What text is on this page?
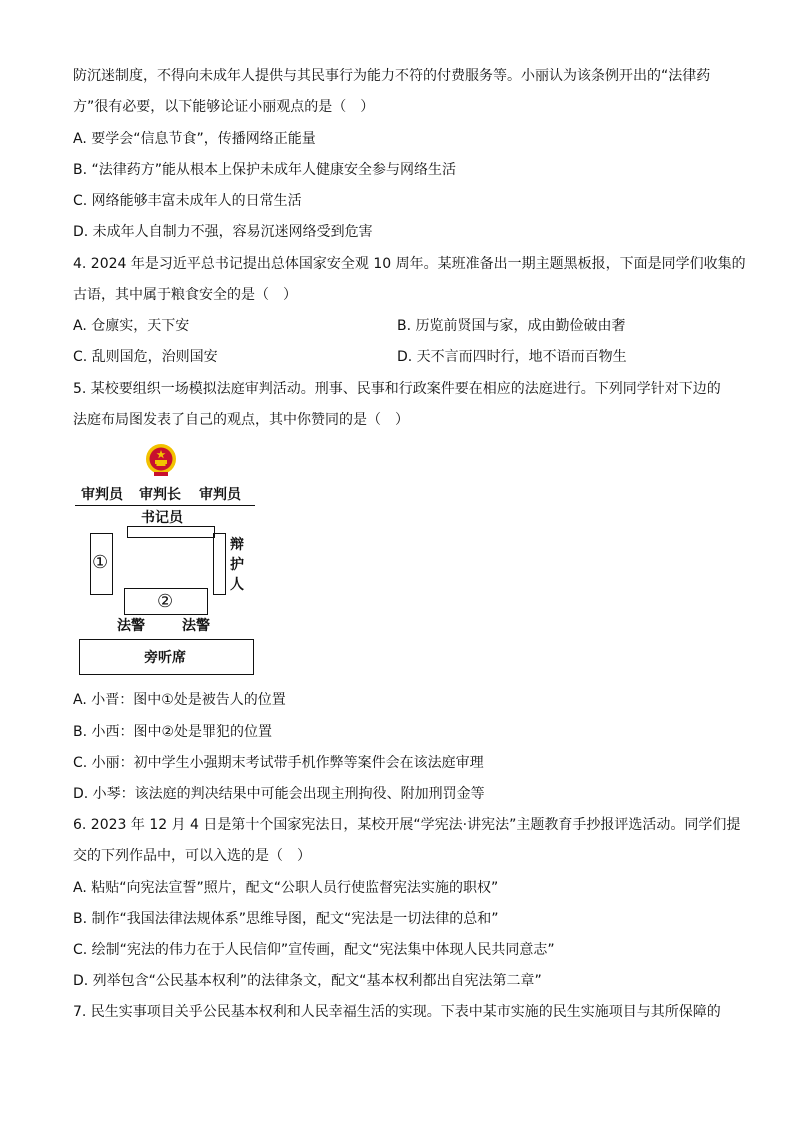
防沉迷制度，不得向未成年人提供与其民事行为能力不符的付费服务等。小丽认为该条例开出的“法律药
方”很有必要，以下能够论证小丽观点的是（　）
A. 要学会“信息节食”，传播网络正能量
B. “法律药方”能从根本上保护未成年人健康安全参与网络生活
C. 网络能够丰富未成年人的日常生活
D. 未成年人自制力不强，容易沉迷网络受到危害
4. 2024 年是习近平总书记提出总体国家安全观 10 周年。某班准备出一期主题黑板报，下面是同学们收集的
古语，其中属于粮食安全的是（　）
A. 仓廪实，天下安	B. 历览前贤国与家，成由勤俭破由奢
C. 乱则国危，治则国安	D. 天不言而四时行，地不语而百物生
5. 某校要组织一场模拟法庭审判活动。刑事、民事和行政案件要在相应的法庭进行。下列同学针对下边的
法庭布局图发表了自己的观点，其中你赞同的是（　）
审判员 审判长 审判员
书记员
①
辩
护
人
②
法警	法警
旁听席
A. 小晋：图中①处是被告人的位置
B. 小西：图中②处是罪犯的位置
C. 小丽：初中学生小强期末考试带手机作弊等案件会在该法庭审理
D. 小琴：该法庭的判决结果中可能会出现主刑拘役、附加刑罚金等
6. 2023 年 12 月 4 日是第十个国家宪法日，某校开展“学宪法·讲宪法”主题教育手抄报评选活动。同学们提
交的下列作品中，可以入选的是（　）
A. 粘贴“向宪法宣誓”照片，配文“公职人员行使监督宪法实施的职权”
B. 制作“我国法律法规体系”思维导图，配文“宪法是一切法律的总和”
C. 绘制“宪法的伟力在于人民信仰”宣传画，配文“宪法集中体现人民共同意志”
D. 列举包含“公民基本权利”的法律条文，配文“基本权利都出自宪法第二章”
7. 民生实事项目关乎公民基本权利和人民幸福生活的实现。下表中某市实施的民生实施项目与其所保障的
